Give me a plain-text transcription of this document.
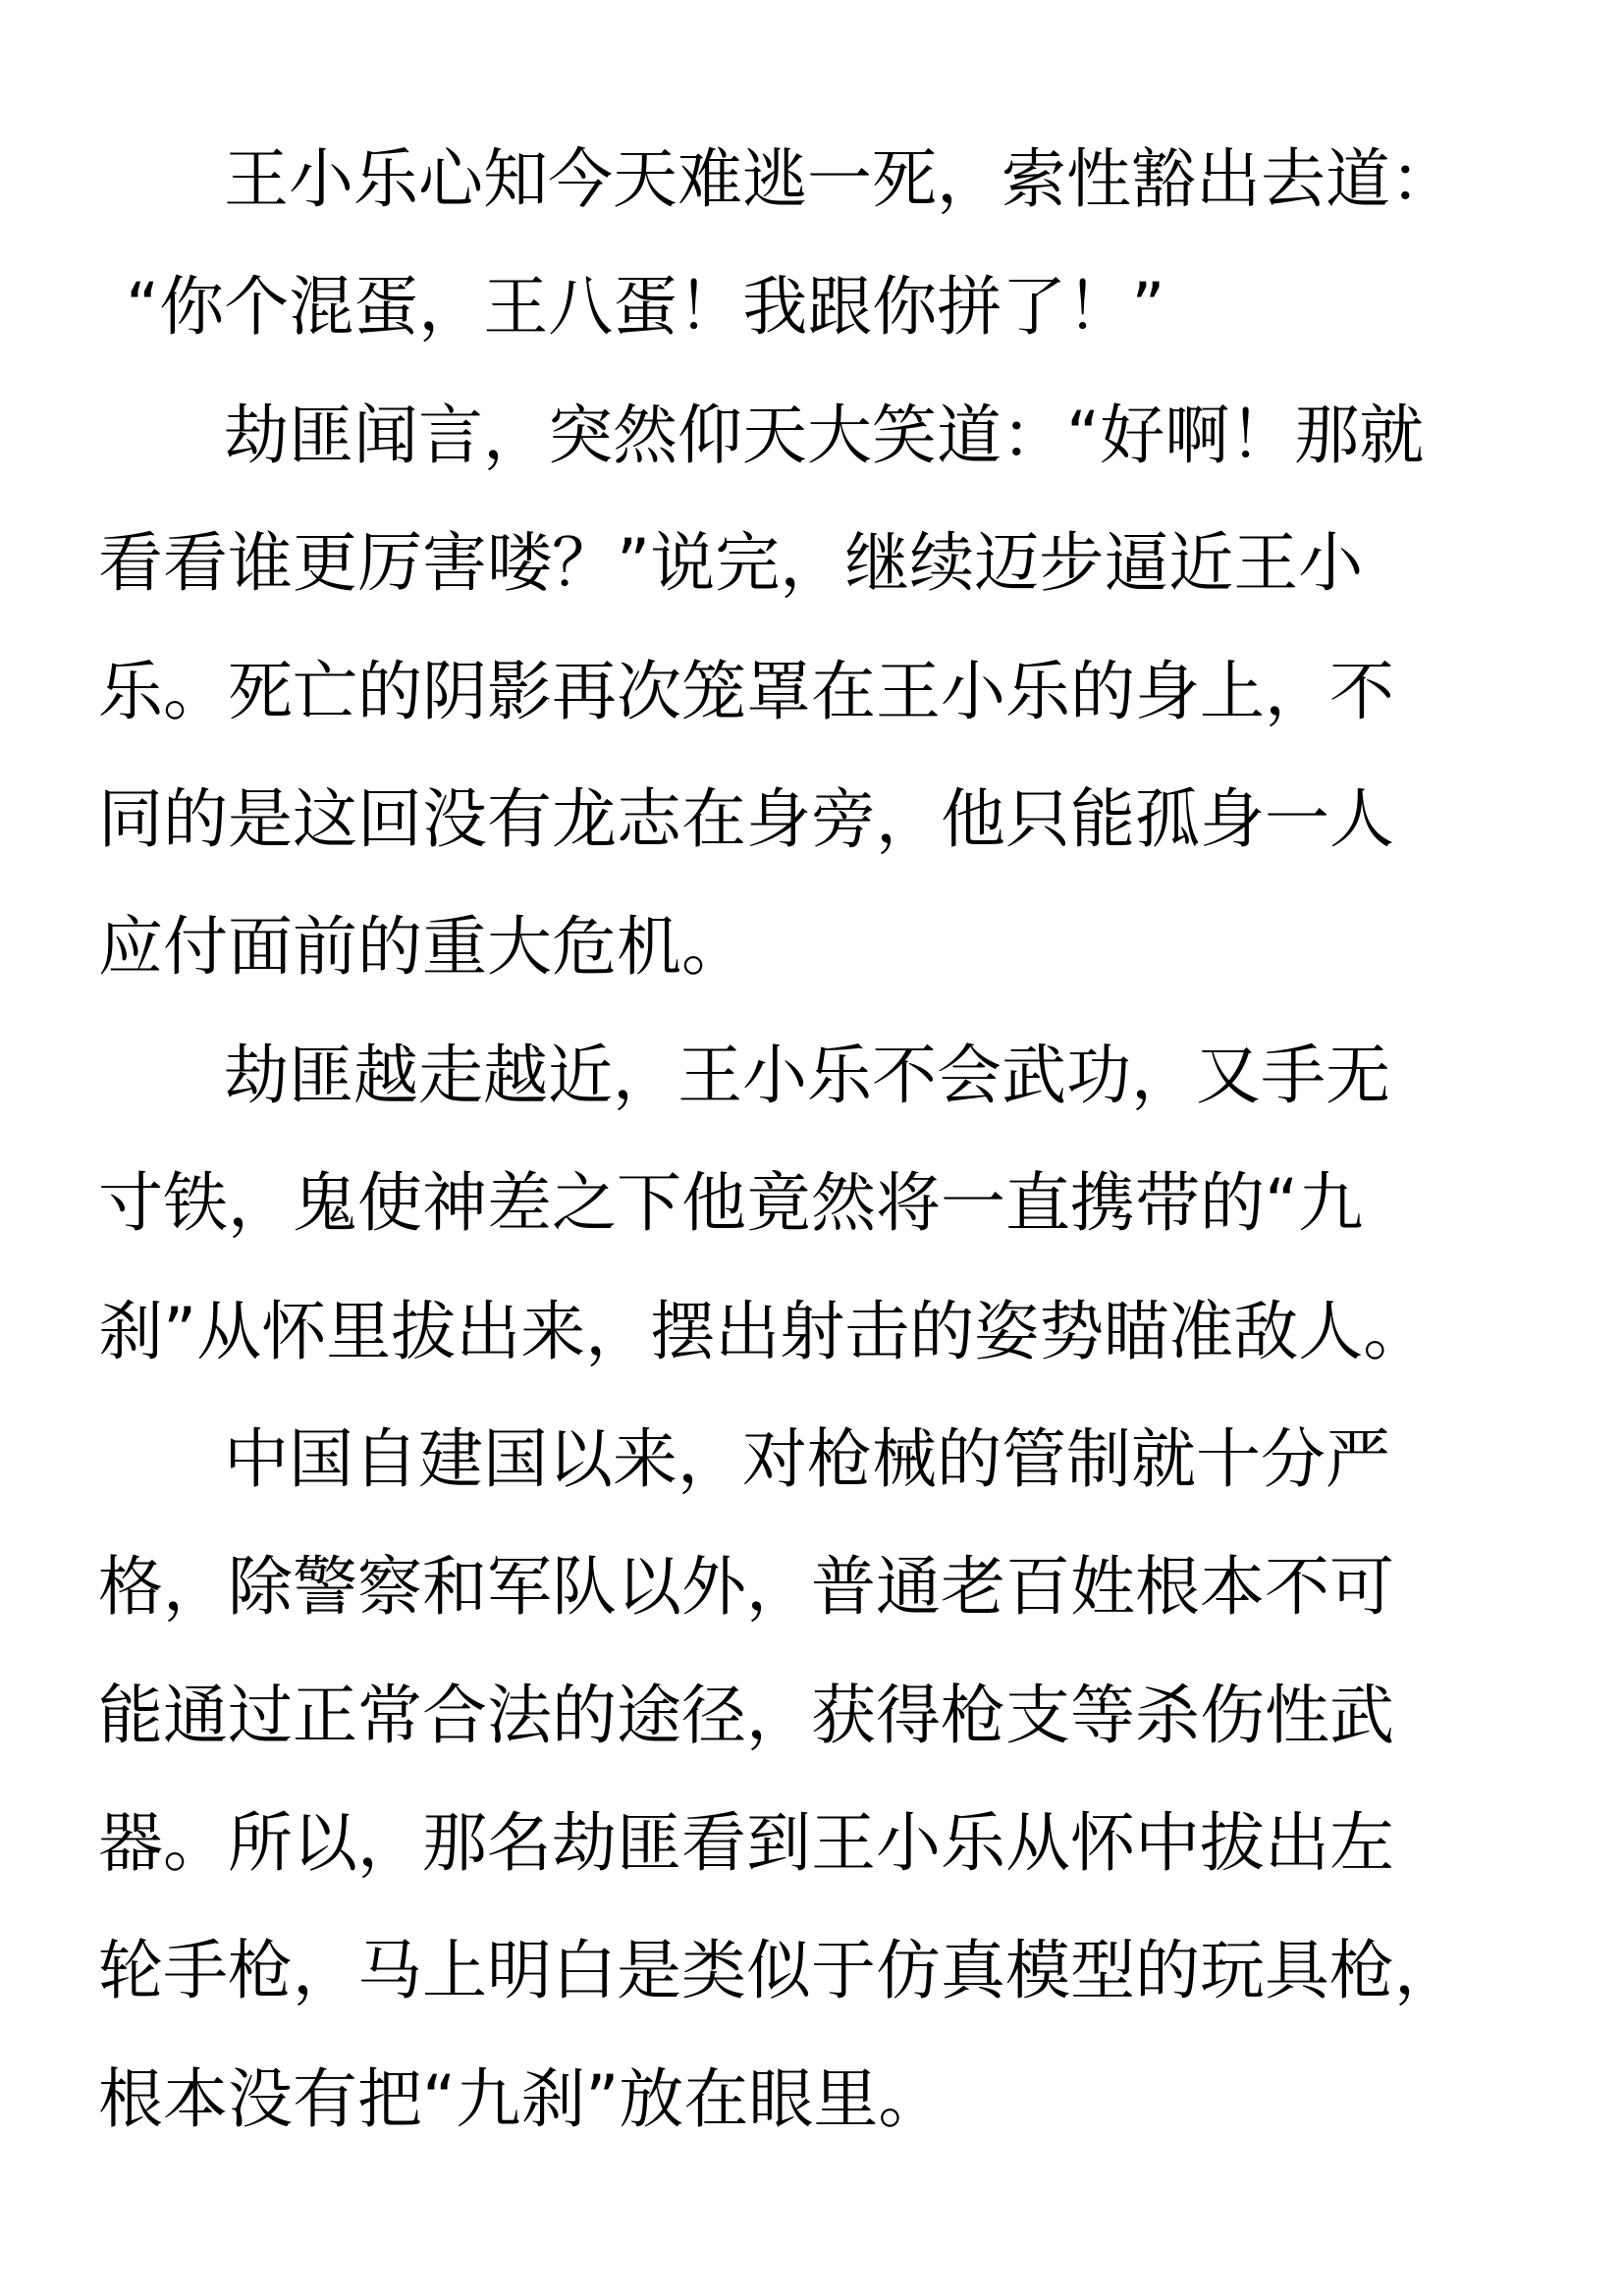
王小乐心知今天难逃一死，索性豁出去道：
“你个混蛋，王八蛋！我跟你拼了！”
劫匪闻言，突然仰天大笑道：“好啊！那就
看看谁更厉害喽？”说完，继续迈步逼近王小
乐。死亡的阴影再次笼罩在王小乐的身上，不
同的是这回没有龙志在身旁，他只能孤身一人
应付面前的重大危机。
劫匪越走越近，王小乐不会武功，又手无
寸铁，鬼使神差之下他竟然将一直携带的“九
刹”从怀里拔出来，摆出射击的姿势瞄准敌人。
中国自建国以来，对枪械的管制就十分严
格，除警察和军队以外，普通老百姓根本不可
能通过正常合法的途径，获得枪支等杀伤性武
器。所以，那名劫匪看到王小乐从怀中拔出左
轮手枪，马上明白是类似于仿真模型的玩具枪，
根本没有把“九刹”放在眼里。
